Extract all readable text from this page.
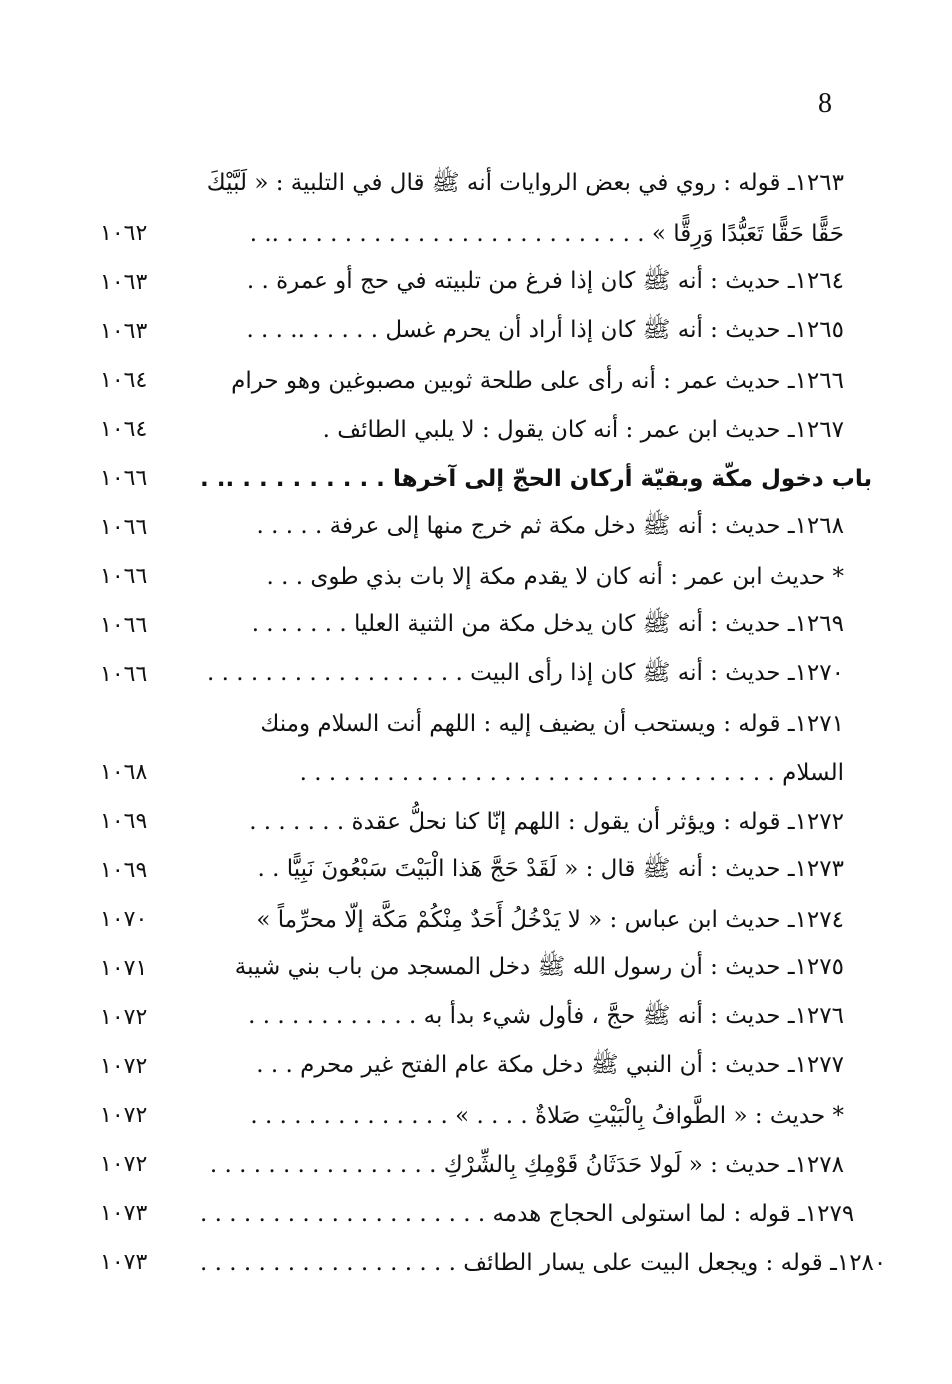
8
١٢٦٣ـ قوله : روي في بعض الروايات أنه ﷺ قال في التلبية : « لَبَّيْكَ
١٠٦٢	حَقًّا حَقًّا تَعَبُّدًا وَرِقًّا » . . . . . . . . . . . . . . . . . . . . . . . . . .. .
١٠٦٣	١٢٦٤ـ حديث : أنه ﷺ كان إذا فرغ من تلبيته في حج أو عمرة . .
١٠٦٣	١٢٦٥ـ حديث : أنه ﷺ كان إذا أراد أن يحرم غسل . . . . . .. . . .
١٠٦٤	١٢٦٦ـ حديث عمر : أنه رأى على طلحة ثوبين مصبوغين وهو حرام
١٠٦٤	١٢٦٧ـ حديث ابن عمر : أنه كان يقول : لا يلبي الطائف .
١٠٦٦	باب دخول مكّة وبقيّة أركان الحجّ إلى آخرها . . . . . . . . . .. .
١٠٦٦	١٢٦٨ـ حديث : أنه ﷺ دخل مكة ثم خرج منها إلى عرفة . . . . .
١٠٦٦	* حديث ابن عمر : أنه كان لا يقدم مكة إلا بات بذي طوى . . .
١٠٦٦	١٢٦٩ـ حديث : أنه ﷺ كان يدخل مكة من الثنية العليا . . . . . . .
١٠٦٦	١٢٧٠ـ حديث : أنه ﷺ كان إذا رأى البيت . . . . . . . . . . . . . . . . . .
١٢٧١ـ قوله : ويستحب أن يضيف إليه : اللهم أنت السلام ومنك
١٠٦٨	السلام . . . . . . . . . . . . . . . . . . . . . . . . . . . . . . . . .
١٠٦٩	١٢٧٢ـ قوله : ويؤثر أن يقول : اللهم إنّا كنا نحلُّ عقدة . . . . . . .
١٠٦٩	١٢٧٣ـ حديث : أنه ﷺ قال : « لَقَدْ حَجَّ هَذا الْبَيْتَ سَبْعُونَ نَبِيًّا . .
١٠٧٠	١٢٧٤ـ حديث ابن عباس : « لا يَدْخُلُ أَحَدٌ مِنْكُمْ مَكَّة إلّا محرِّماً »
١٠٧١	١٢٧٥ـ حديث : أن رسول الله ﷺ دخل المسجد من باب بني شيبة
١٠٧٢	١٢٧٦ـ حديث : أنه ﷺ حجَّ ، فأول شيء بدأ به . . . . . . . . . . . .
١٠٧٢	١٢٧٧ـ حديث : أن النبي ﷺ دخل مكة عام الفتح غير محرم . . .
١٠٧٢	* حديث : « الطَّوافُ بِالْبَيْتِ صَلاةٌ . . . . » . . . . . . . . . . . . . .
١٠٧٢	١٢٧٨ـ حديث : « لَولا حَدَثَانُ قَوْمِكِ بِالشِّرْكِ . . . . . . . . . . . . . . . .
١٠٧٣	١٢٧٩ـ قوله : لما استولى الحجاج هدمه . . . . . . . . . . . . . . . . . . . .
١٠٧٣	١٢٨٠ـ قوله : ويجعل البيت على يسار الطائف . . . . . . . . . . . . . . . . . .
